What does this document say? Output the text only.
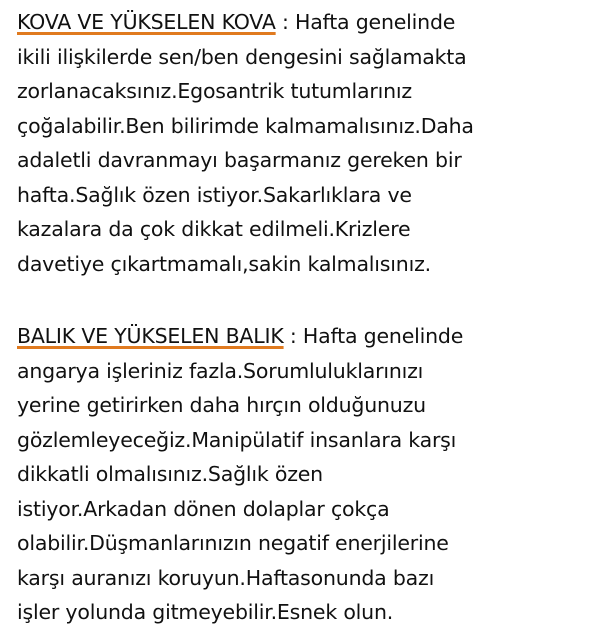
KOVA VE YÜKSELEN KOVA : Hafta genelinde
ikili ilişkilerde sen/ben dengesini sağlamakta
zorlanacaksınız.Egosantrik tutumlarınız
çoğalabilir.Ben bilirimde kalmamalısınız.Daha
adaletli davranmayı başarmanız gereken bir
hafta.Sağlık özen istiyor.Sakarlıklara ve
kazalara da çok dikkat edilmeli.Krizlere
davetiye çıkartmamalı,sakin kalmalısınız.

BALIK VE YÜKSELEN BALIK : Hafta genelinde
angarya işleriniz fazla.Sorumluluklarınızı
yerine getirirken daha hırçın olduğunuzu
gözlemleyeceğiz.Manipülatif insanlara karşı
dikkatli olmalısınız.Sağlık özen
istiyor.Arkadan dönen dolaplar çokça
olabilir.Düşmanlarınızın negatif enerjilerine
karşı auranızı koruyun.Haftasonunda bazı
işler yolunda gitmeyebilir.Esnek olun.
